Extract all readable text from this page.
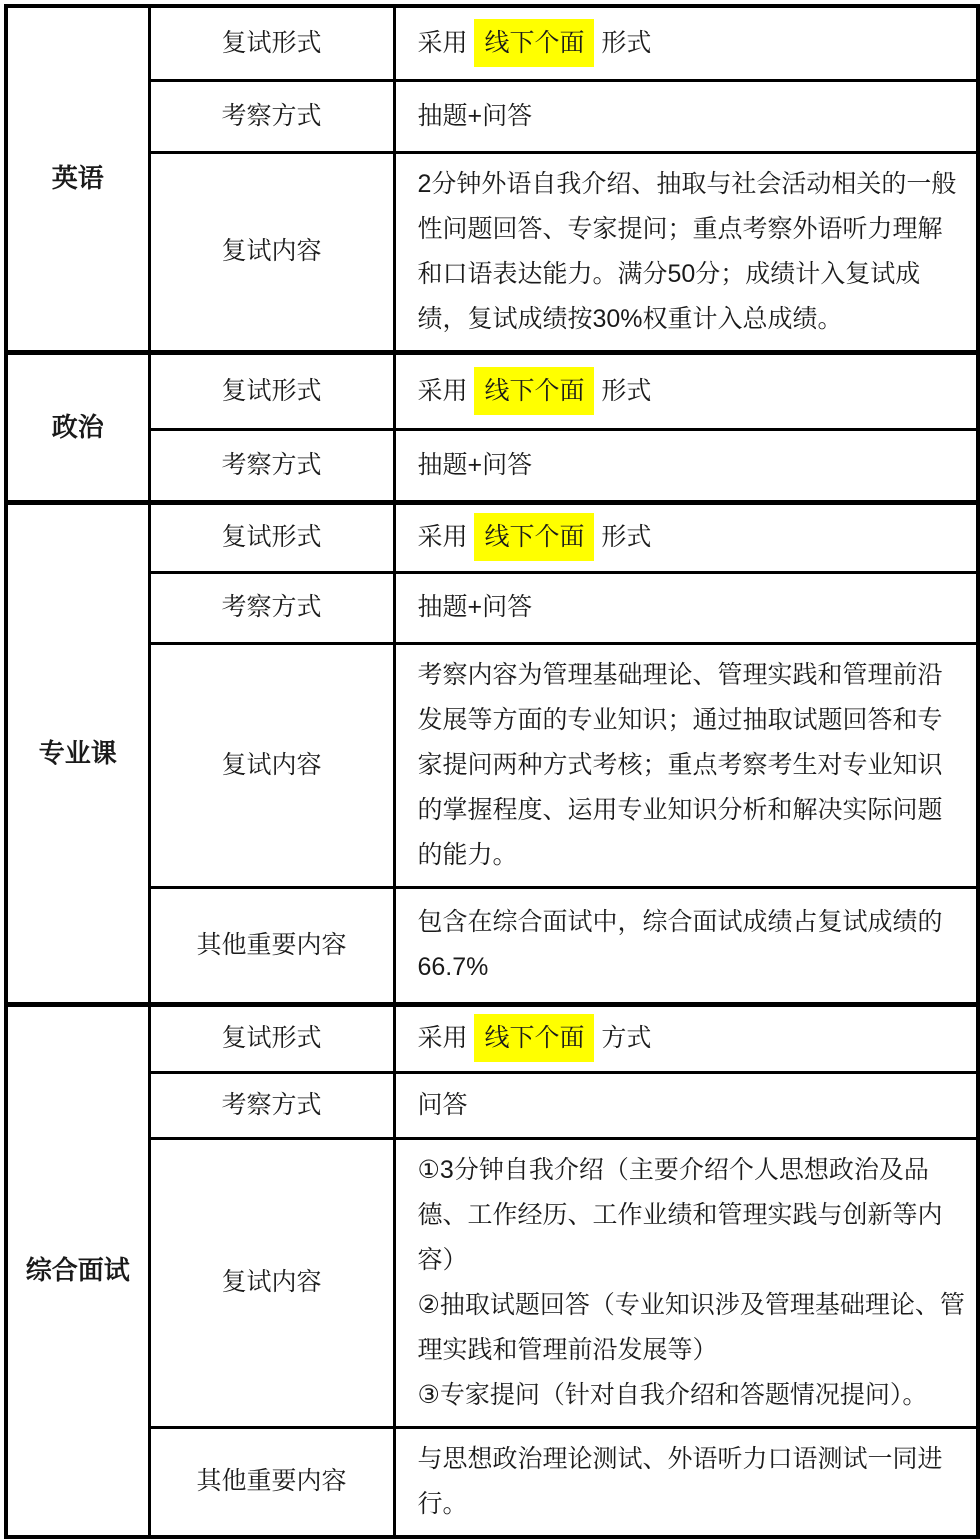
英语	复试形式	采用 线下个面 形式
	考察方式	抽题+问答
	复试内容	2分钟外语自我介绍、抽取与社会活动相关的一般性问题回答、专家提问；重点考察外语听力理解和口语表达能力。满分50分；成绩计入复试成绩，复试成绩按30%权重计入总成绩。
政治	复试形式	采用 线下个面 形式
	考察方式	抽题+问答
专业课	复试形式	采用 线下个面 形式
	考察方式	抽题+问答
	复试内容	考察内容为管理基础理论、管理实践和管理前沿发展等方面的专业知识；通过抽取试题回答和专家提问两种方式考核；重点考察考生对专业知识的掌握程度、运用专业知识分析和解决实际问题的能力。
	其他重要内容	包含在综合面试中，综合面试成绩占复试成绩的66.7%
综合面试	复试形式	采用 线下个面 方式
	考察方式	问答
	复试内容	①3分钟自我介绍（主要介绍个人思想政治及品德、工作经历、工作业绩和管理实践与创新等内容）
②抽取试题回答（专业知识涉及管理基础理论、管理实践和管理前沿发展等）
③专家提问（针对自我介绍和答题情况提问）。

	其他重要内容	与思想政治理论测试、外语听力口语测试一同进行。
